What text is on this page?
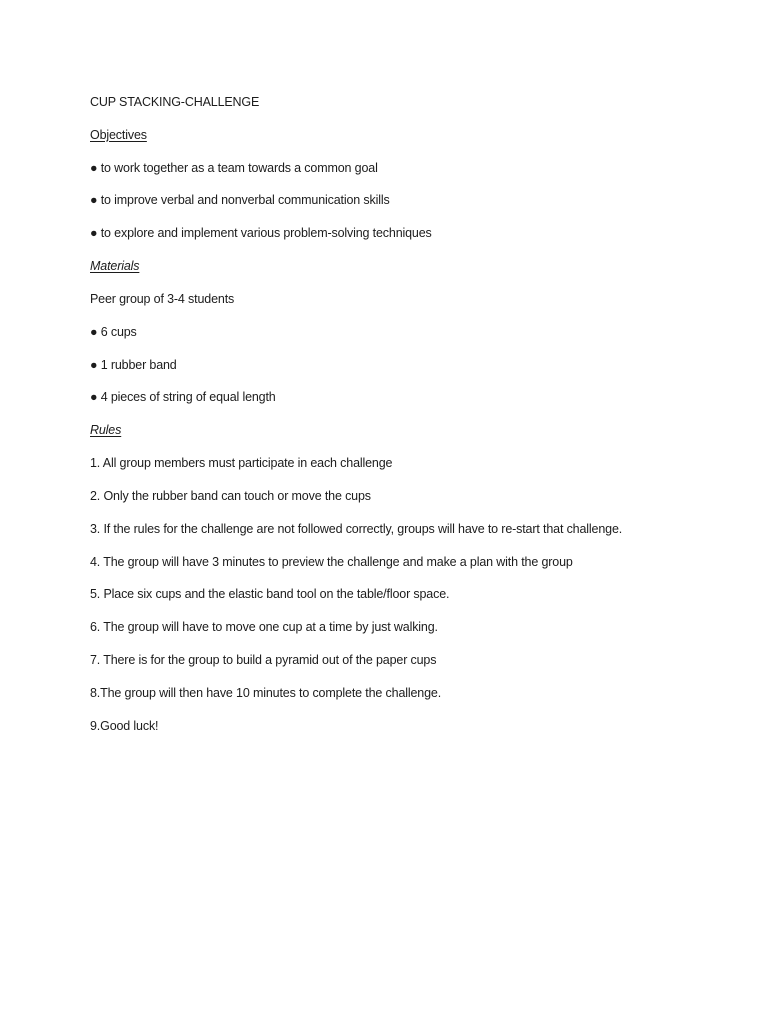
CUP STACKING-CHALLENGE

Objectives

● to work together as a team towards a common goal

● to improve verbal and nonverbal communication skills

● to explore and implement various problem-solving techniques

Materials

Peer group of 3-4 students

● 6 cups

● 1 rubber band

● 4 pieces of string of equal length

Rules

1. All group members must participate in each challenge

2. Only the rubber band can touch or move the cups

3. If the rules for the challenge are not followed correctly, groups will have to re-start that challenge.

4. The group will have 3 minutes to preview the challenge and make a plan with the group

5. Place six cups and the elastic band tool on the table/floor space.

6. The group will have to move one cup at a time by just walking.

7. There is for the group to build a pyramid out of the paper cups

8.The group will then have 10 minutes to complete the challenge.

9.Good luck!
